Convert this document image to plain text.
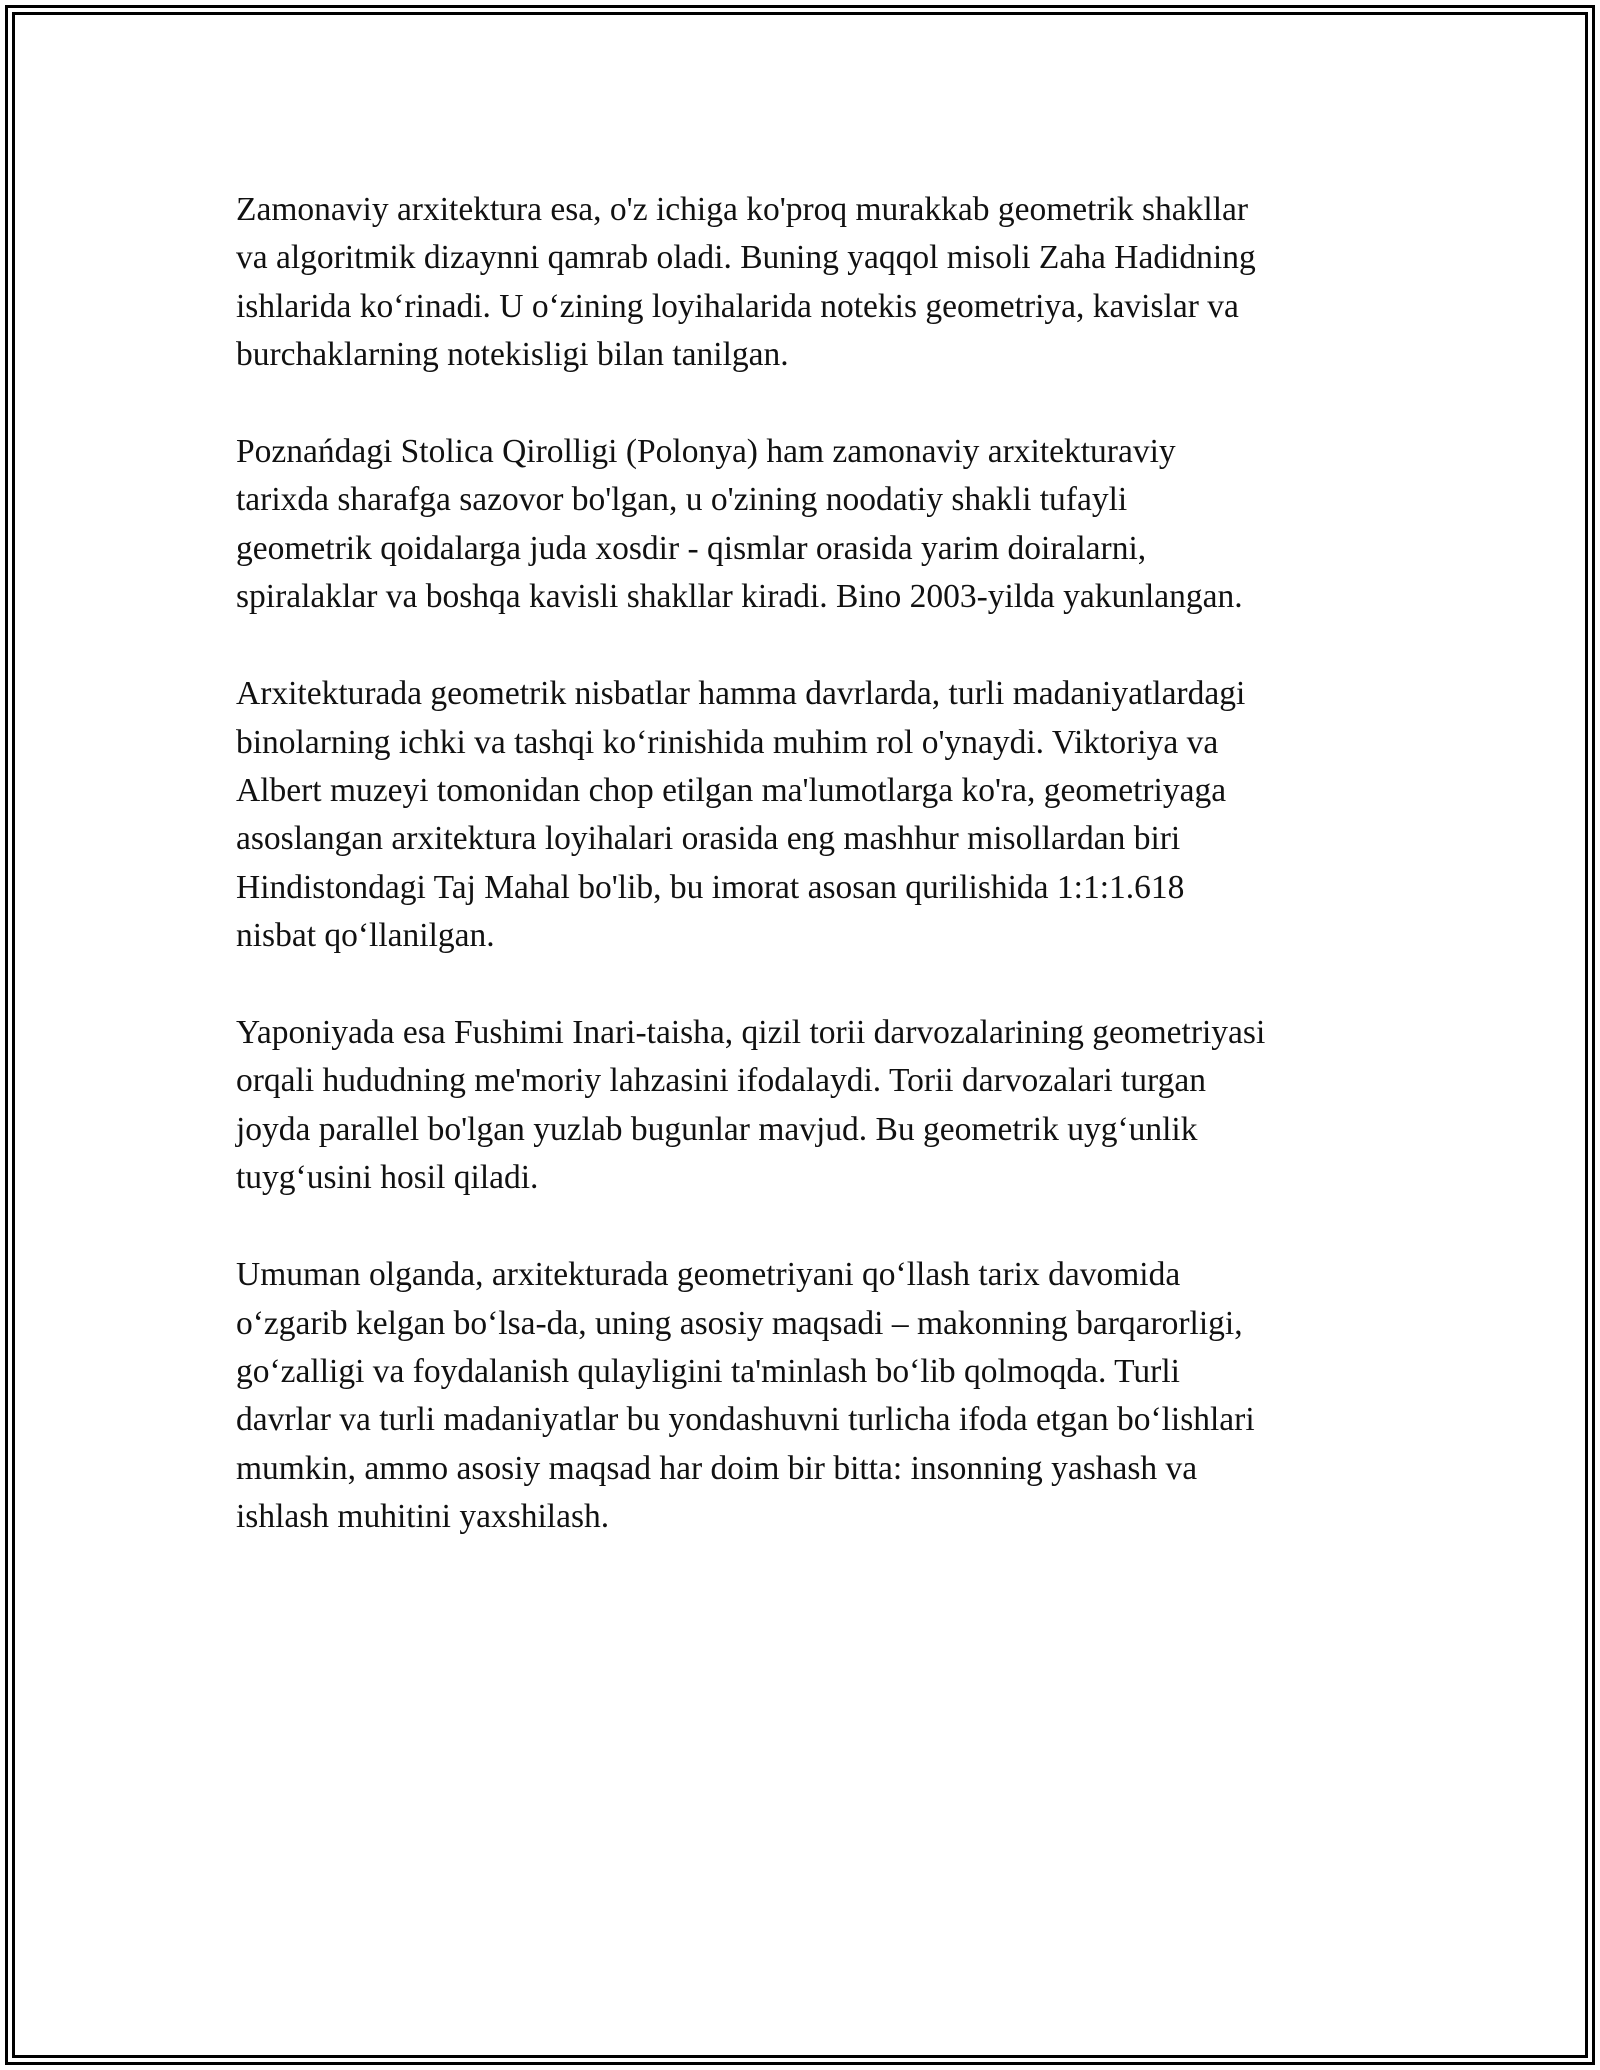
Zamonaviy arxitektura esa, o'z ichiga ko'proq murakkab geometrik shakllar
va algoritmik dizaynni qamrab oladi. Buning yaqqol misoli Zaha Hadidning
ishlarida ko‘rinadi. U o‘zining loyihalarida notekis geometriya, kavislar va
burchaklarning notekisligi bilan tanilgan.

Poznańdagi Stolica Qirolligi (Polonya) ham zamonaviy arxitekturaviy
tarixda sharafga sazovor bo'lgan, u o'zining noodatiy shakli tufayli
geometrik qoidalarga juda xosdir - qismlar orasida yarim doiralarni,
spiralaklar va boshqa kavisli shakllar kiradi. Bino 2003-yilda yakunlangan.

Arxitekturada geometrik nisbatlar hamma davrlarda, turli madaniyatlardagi
binolarning ichki va tashqi ko‘rinishida muhim rol o'ynaydi. Viktoriya va
Albert muzeyi tomonidan chop etilgan ma'lumotlarga ko'ra, geometriyaga
asoslangan arxitektura loyihalari orasida eng mashhur misollardan biri
Hindistondagi Taj Mahal bo'lib, bu imorat asosan qurilishida 1:1:1.618
nisbat qo‘llanilgan.

Yaponiyada esa Fushimi Inari-taisha, qizil torii darvozalarining geometriyasi
orqali hududning me'moriy lahzasini ifodalaydi. Torii darvozalari turgan
joyda parallel bo'lgan yuzlab bugunlar mavjud. Bu geometrik uyg‘unlik
tuyg‘usini hosil qiladi.

Umuman olganda, arxitekturada geometriyani qo‘llash tarix davomida
o‘zgarib kelgan bo‘lsa-da, uning asosiy maqsadi – makonning barqarorligi,
go‘zalligi va foydalanish qulayligini ta'minlash bo‘lib qolmoqda. Turli
davrlar va turli madaniyatlar bu yondashuvni turlicha ifoda etgan bo‘lishlari
mumkin, ammo asosiy maqsad har doim bir bitta: insonning yashash va
ishlash muhitini yaxshilash.
